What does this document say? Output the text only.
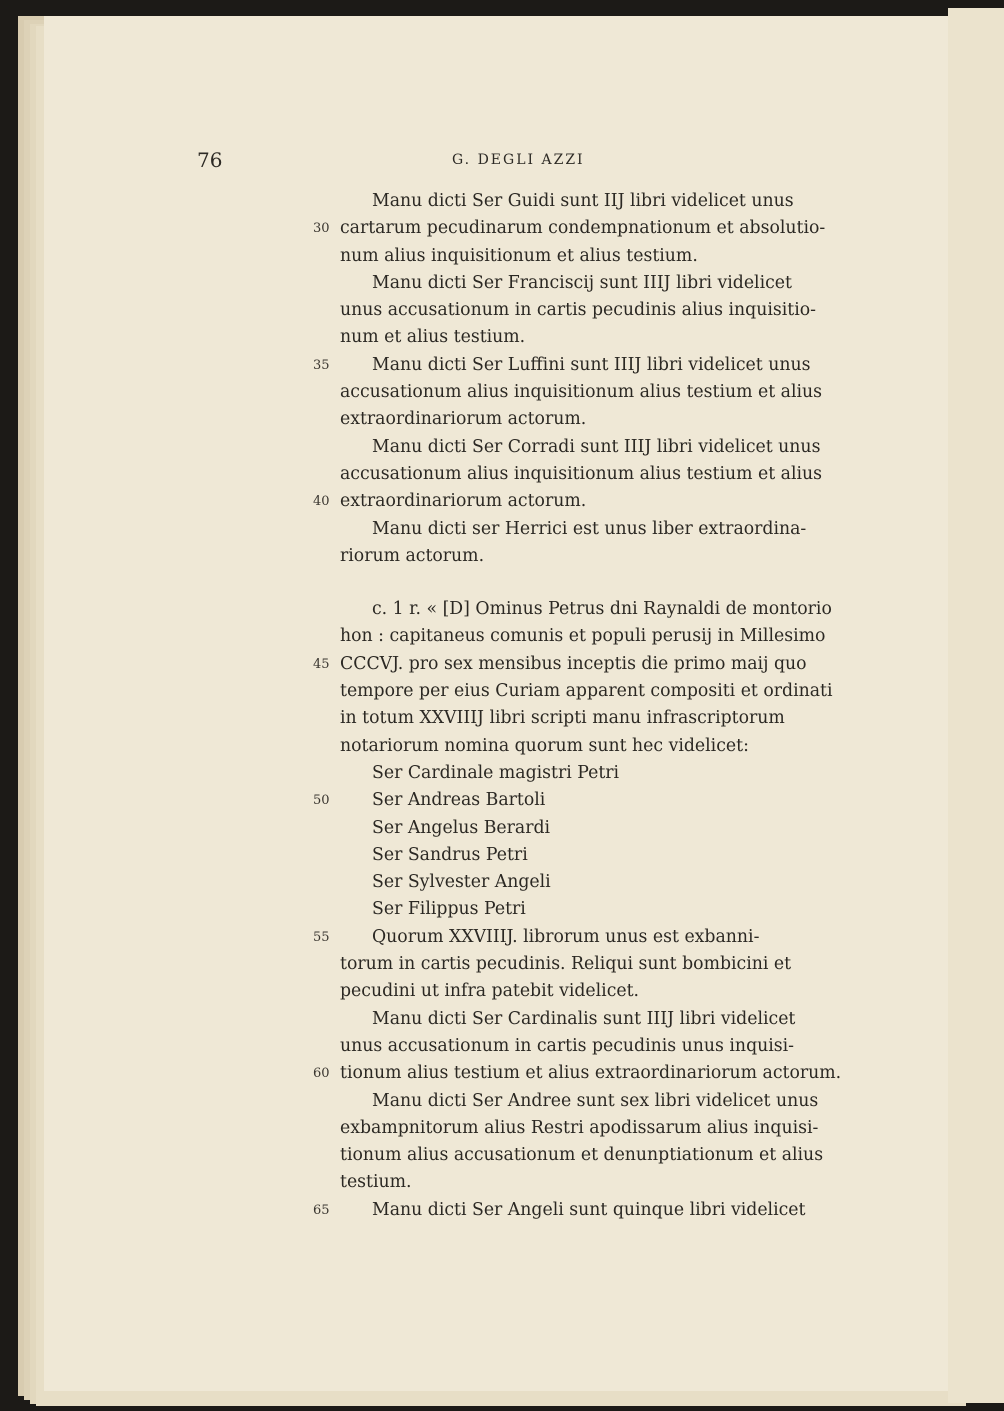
76	G. DEGLI AZZI
Manu dicti Ser Guidi sunt IIJ libri videlicet unus
30 cartarum pecudinarum condempnationum et absolutio-
num alius inquisitionum et alius testium.
Manu dicti Ser Franciscij sunt IIIJ libri videlicet
unus accusationum in cartis pecudinis alius inquisitio-
num et alius testium.
35	Manu dicti Ser Luffini sunt IIIJ libri videlicet unus
accusationum alius inquisitionum alius testium et alius
extraordinariorum actorum.
Manu dicti Ser Corradi sunt IIIJ libri videlicet unus
accusationum alius inquisitionum alius testium et alius
40 extraordinariorum actorum.
Manu dicti ser Herrici est unus liber extraordina-
riorum actorum.
c. 1 r. « [D] Ominus Petrus dni Raynaldi de montorio
hon : capitaneus comunis et populi perusij in Millesimo
45 CCCVJ. pro sex mensibus inceptis die primo maij quo
tempore per eius Curiam apparent compositi et ordinati
in totum XXVIIIJ libri scripti manu infrascriptorum
notariorum nomina quorum sunt hec videlicet:
Ser Cardinale magistri Petri
50	Ser Andreas Bartoli
Ser Angelus Berardi
Ser Sandrus Petri
Ser Sylvester Angeli
Ser Filippus Petri
55	Quorum XXVIIIJ. librorum unus est exbanni-
torum in cartis pecudinis. Reliqui sunt bombicini et
pecudini ut infra patebit videlicet.
Manu dicti Ser Cardinalis sunt IIIJ libri videlicet
unus accusationum in cartis pecudinis unus inquisi-
60 tionum alius testium et alius extraordinariorum actorum.
Manu dicti Ser Andree sunt sex libri videlicet unus
exbampnitorum alius Restri apodissarum alius inquisi-
tionum alius accusationum et denunptiationum et alius
testium.
65	Manu dicti Ser Angeli sunt quinque libri videlicet
